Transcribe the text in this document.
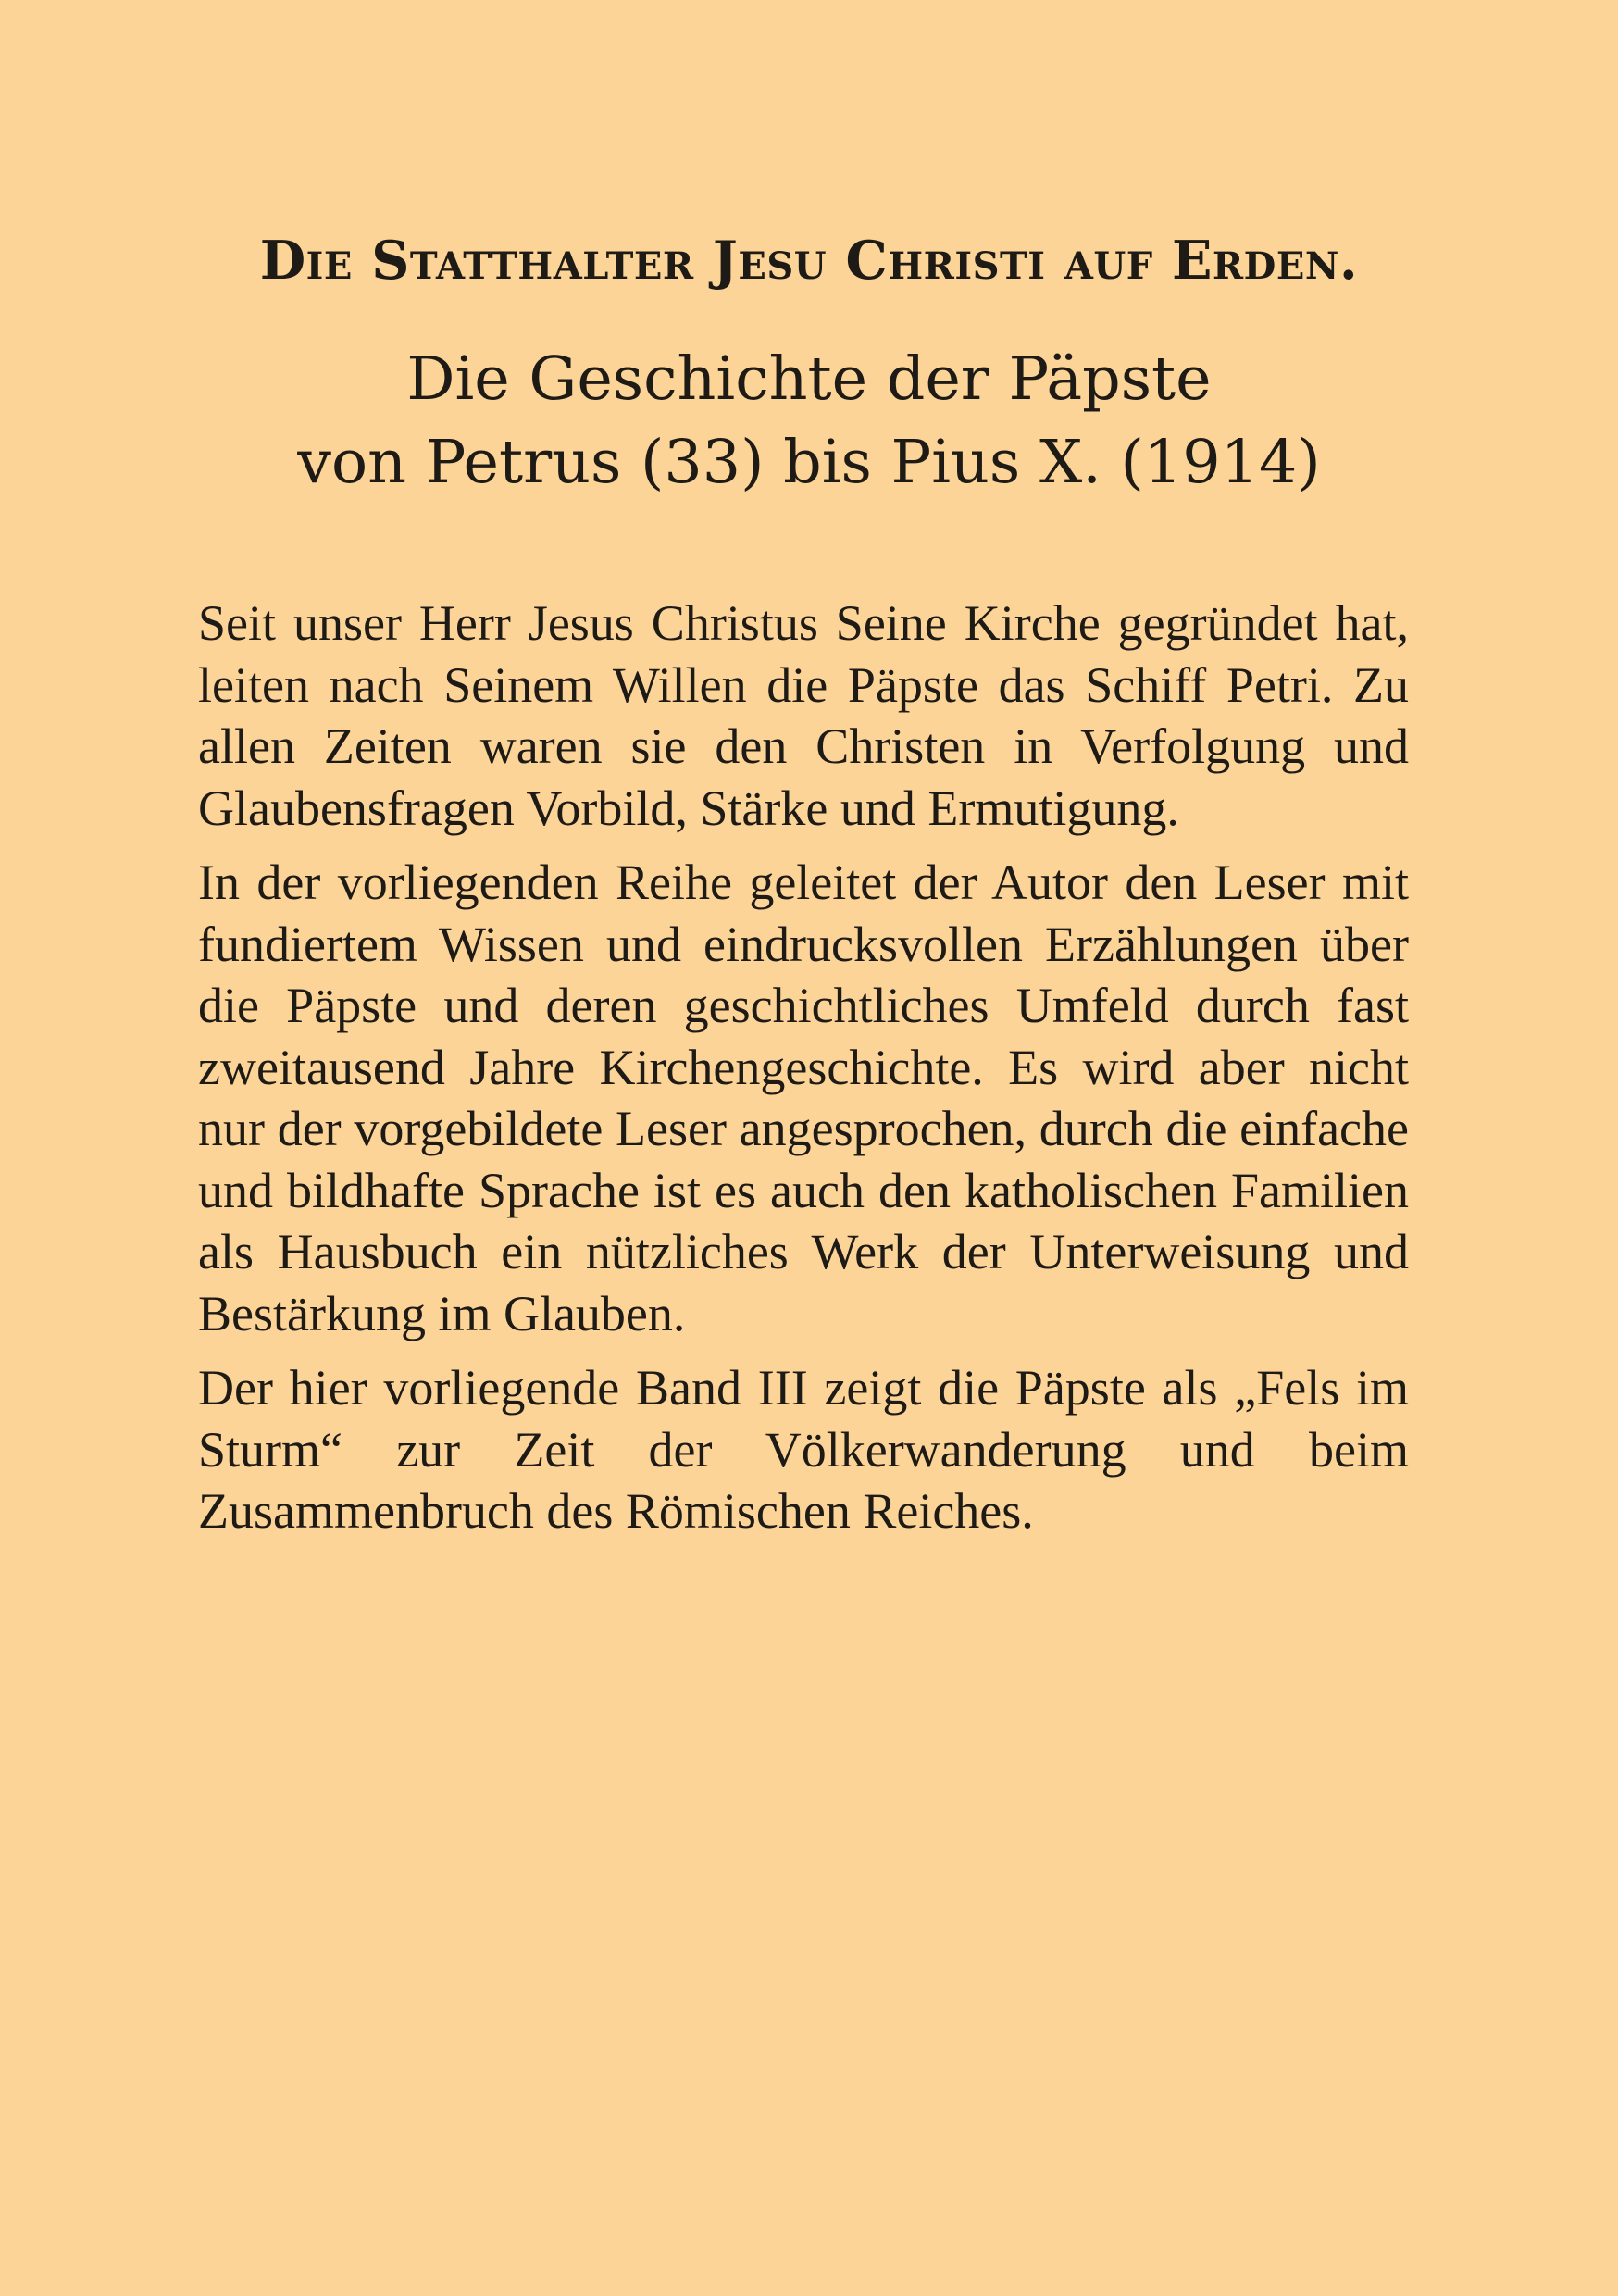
Die Statthalter Jesu Christi auf Erden.
Die Geschichte der Päpste
von Petrus (33) bis Pius X. (1914)

Seit unser Herr Jesus Christus Seine Kirche gegründet hat, leiten nach Seinem Willen die Päpste das Schiff Petri. Zu allen Zeiten waren sie den Christen in Verfolgung und Glaubensfragen Vorbild, Stärke und Ermutigung.

In der vorliegenden Reihe geleitet der Autor den Leser mit fundiertem Wissen und eindrucksvollen Erzählungen über die Päpste und deren geschichtliches Umfeld durch fast zweitausend Jahre Kirchengeschichte. Es wird aber nicht nur der vorgebildete Leser angesprochen, durch die einfache und bildhafte Sprache ist es auch den katholischen Familien als Hausbuch ein nützliches Werk der Unterweisung und Bestärkung im Glauben.

Der hier vorliegende Band III zeigt die Päpste als „Fels im Sturm“ zur Zeit der Völkerwanderung und beim Zusammenbruch des Römischen Reiches.
